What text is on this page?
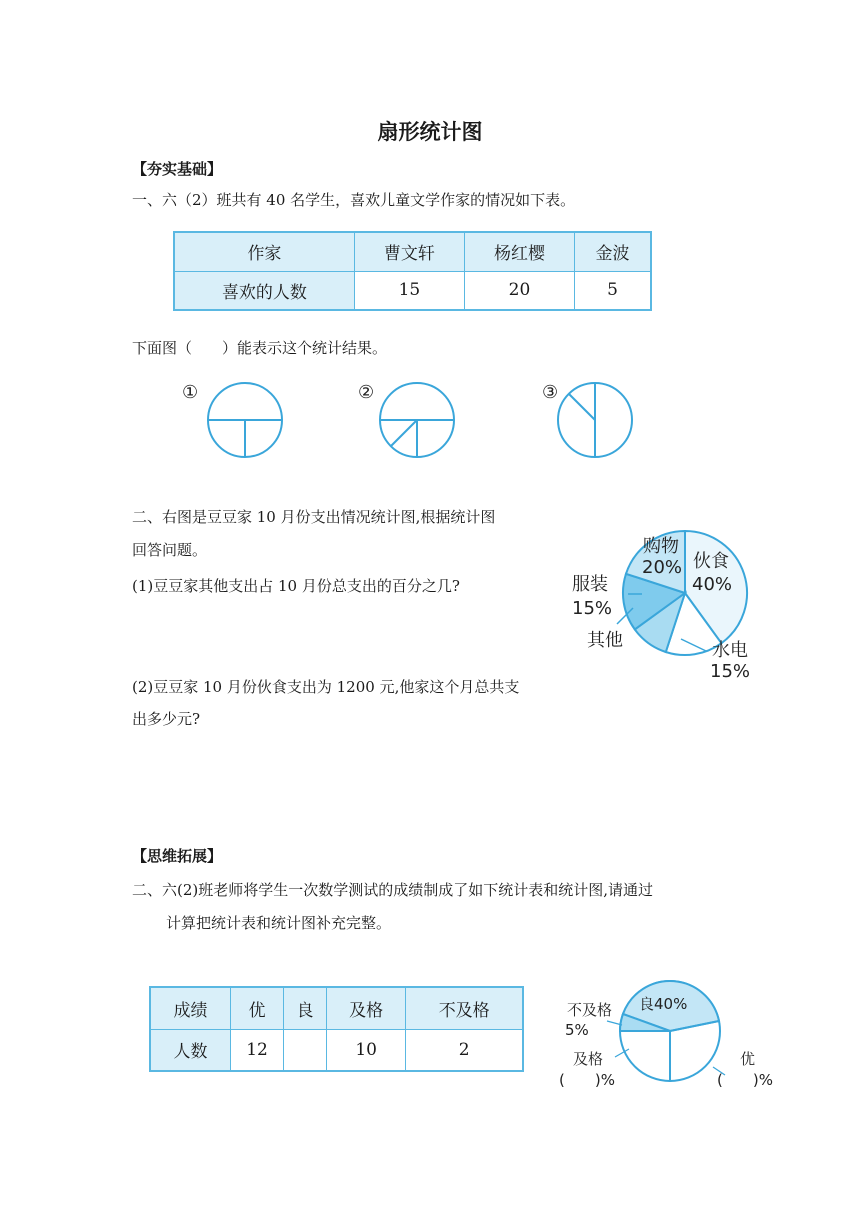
扇形统计图
【夯实基础】
一、六（2）班共有 40 名学生，喜欢儿童文学作家的情况如下表。
作家	曹文轩	杨红樱	金波
喜欢的人数	15	20	5
下面图（　　）能表示这个统计结果。
①	②	③
二、右图是豆豆家 10 月份支出情况统计图,根据统计图
回答问题。
(1)豆豆家其他支出占 10 月份总支出的百分之几?
(2)豆豆家 10 月份伙食支出为 1200 元,他家这个月总共支
出多少元?
购物
20% 伙食
40%
服装
15%
其他	水电
15%
【思维拓展】
二、六(2)班老师将学生一次数学测试的成绩制成了如下统计表和统计图,请通过
计算把统计表和统计图补充完整。
成绩	优	良	及格	不及格
人数	12		10	2
良40%
不及格
5%
及格
(　　)%
优
(　　)%
